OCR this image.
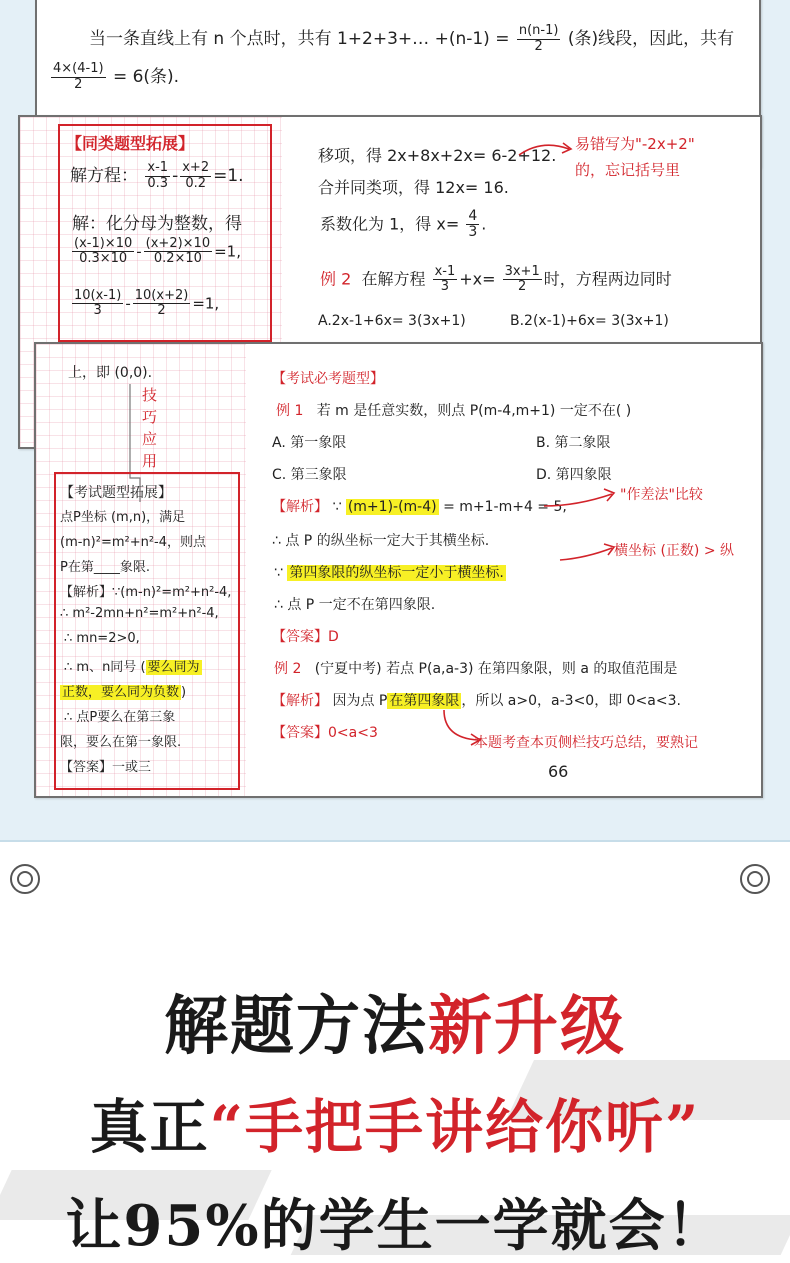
当一条直线上有 n 个点时，共有 1+2+3+… $+(n-1) = \frac{n(n-1)}{2}$ (条)线段，因此，共有
$\frac{4\times(4-1)}{2} = 6$(条).
【同类题型拓展】
解方程： $\frac{x-1}{0.3} - \frac{x+2}{0.2} =1$.
解：化分母为整数，得
$\frac{(x-1)\times 10}{0.3\times 10} - \frac{(x+2)\times 10}{0.2\times 10} =1$,
$\frac{10(x-1)}{3} - \frac{10(x+2)}{2} =1$,
移项，得 2x+8x+2x= 6-2+12.
易错写为"-2x+2"
的，忘记括号里
合并同类项，得 12x= 16.
系数化为 1，得 $x= \frac{4}{3}$ .
例 2 在解方程 $\frac{x-1}{3} +x= \frac{3x+1}{2}$ 时，方程两边同时
A.2x-1+6x= 3(3x+1)	B.2(x-1)+6x= 3(3x+1)
上，即 (0,0).
技
巧
应
用
【考试题型拓展】
点P坐标 (m,n)，满足
(m-n)²=m²+n²-4，则点
P在第____象限.
【解析】∵(m-n)²=m²+n²-4,
∴ m²-2mn+n²=m²+n²-4,
∴ mn=2>0,
∴ m、n同号 ( 要么同为
正数，要么同为负数 )
∴ 点P要么在第三象
限，要么在第一象限.
【答案】一或三
【考试必考题型】
例 1 若 m 是任意实数，则点 P(m-4,m+1) 一定不在( )
A. 第一象限	B. 第二象限
C. 第三象限	D. 第四象限
【解析】 ∵ (m+1)-(m-4) = m+1-m+4 = 5,
"作差法"比较
∴ 点 P 的纵坐标一定大于其横坐标.
横坐标 (正数) > 纵
∵ 第四象限的纵坐标一定小于横坐标.
∴ 点 P 一定不在第四象限.
【答案】D
例 2 (宁夏中考) 若点 P(a,a-3) 在第四象限，则 a 的取值范围是
【解析】 因为点 P 在第四象限 ，所以 a>0，a-3<0，即 0<a<3.
【答案】0<a<3
本题考查本页侧栏技巧总结，要熟记
66
解题方法新升级
真正“手把手讲给你听”
让95%的学生一学就会！
